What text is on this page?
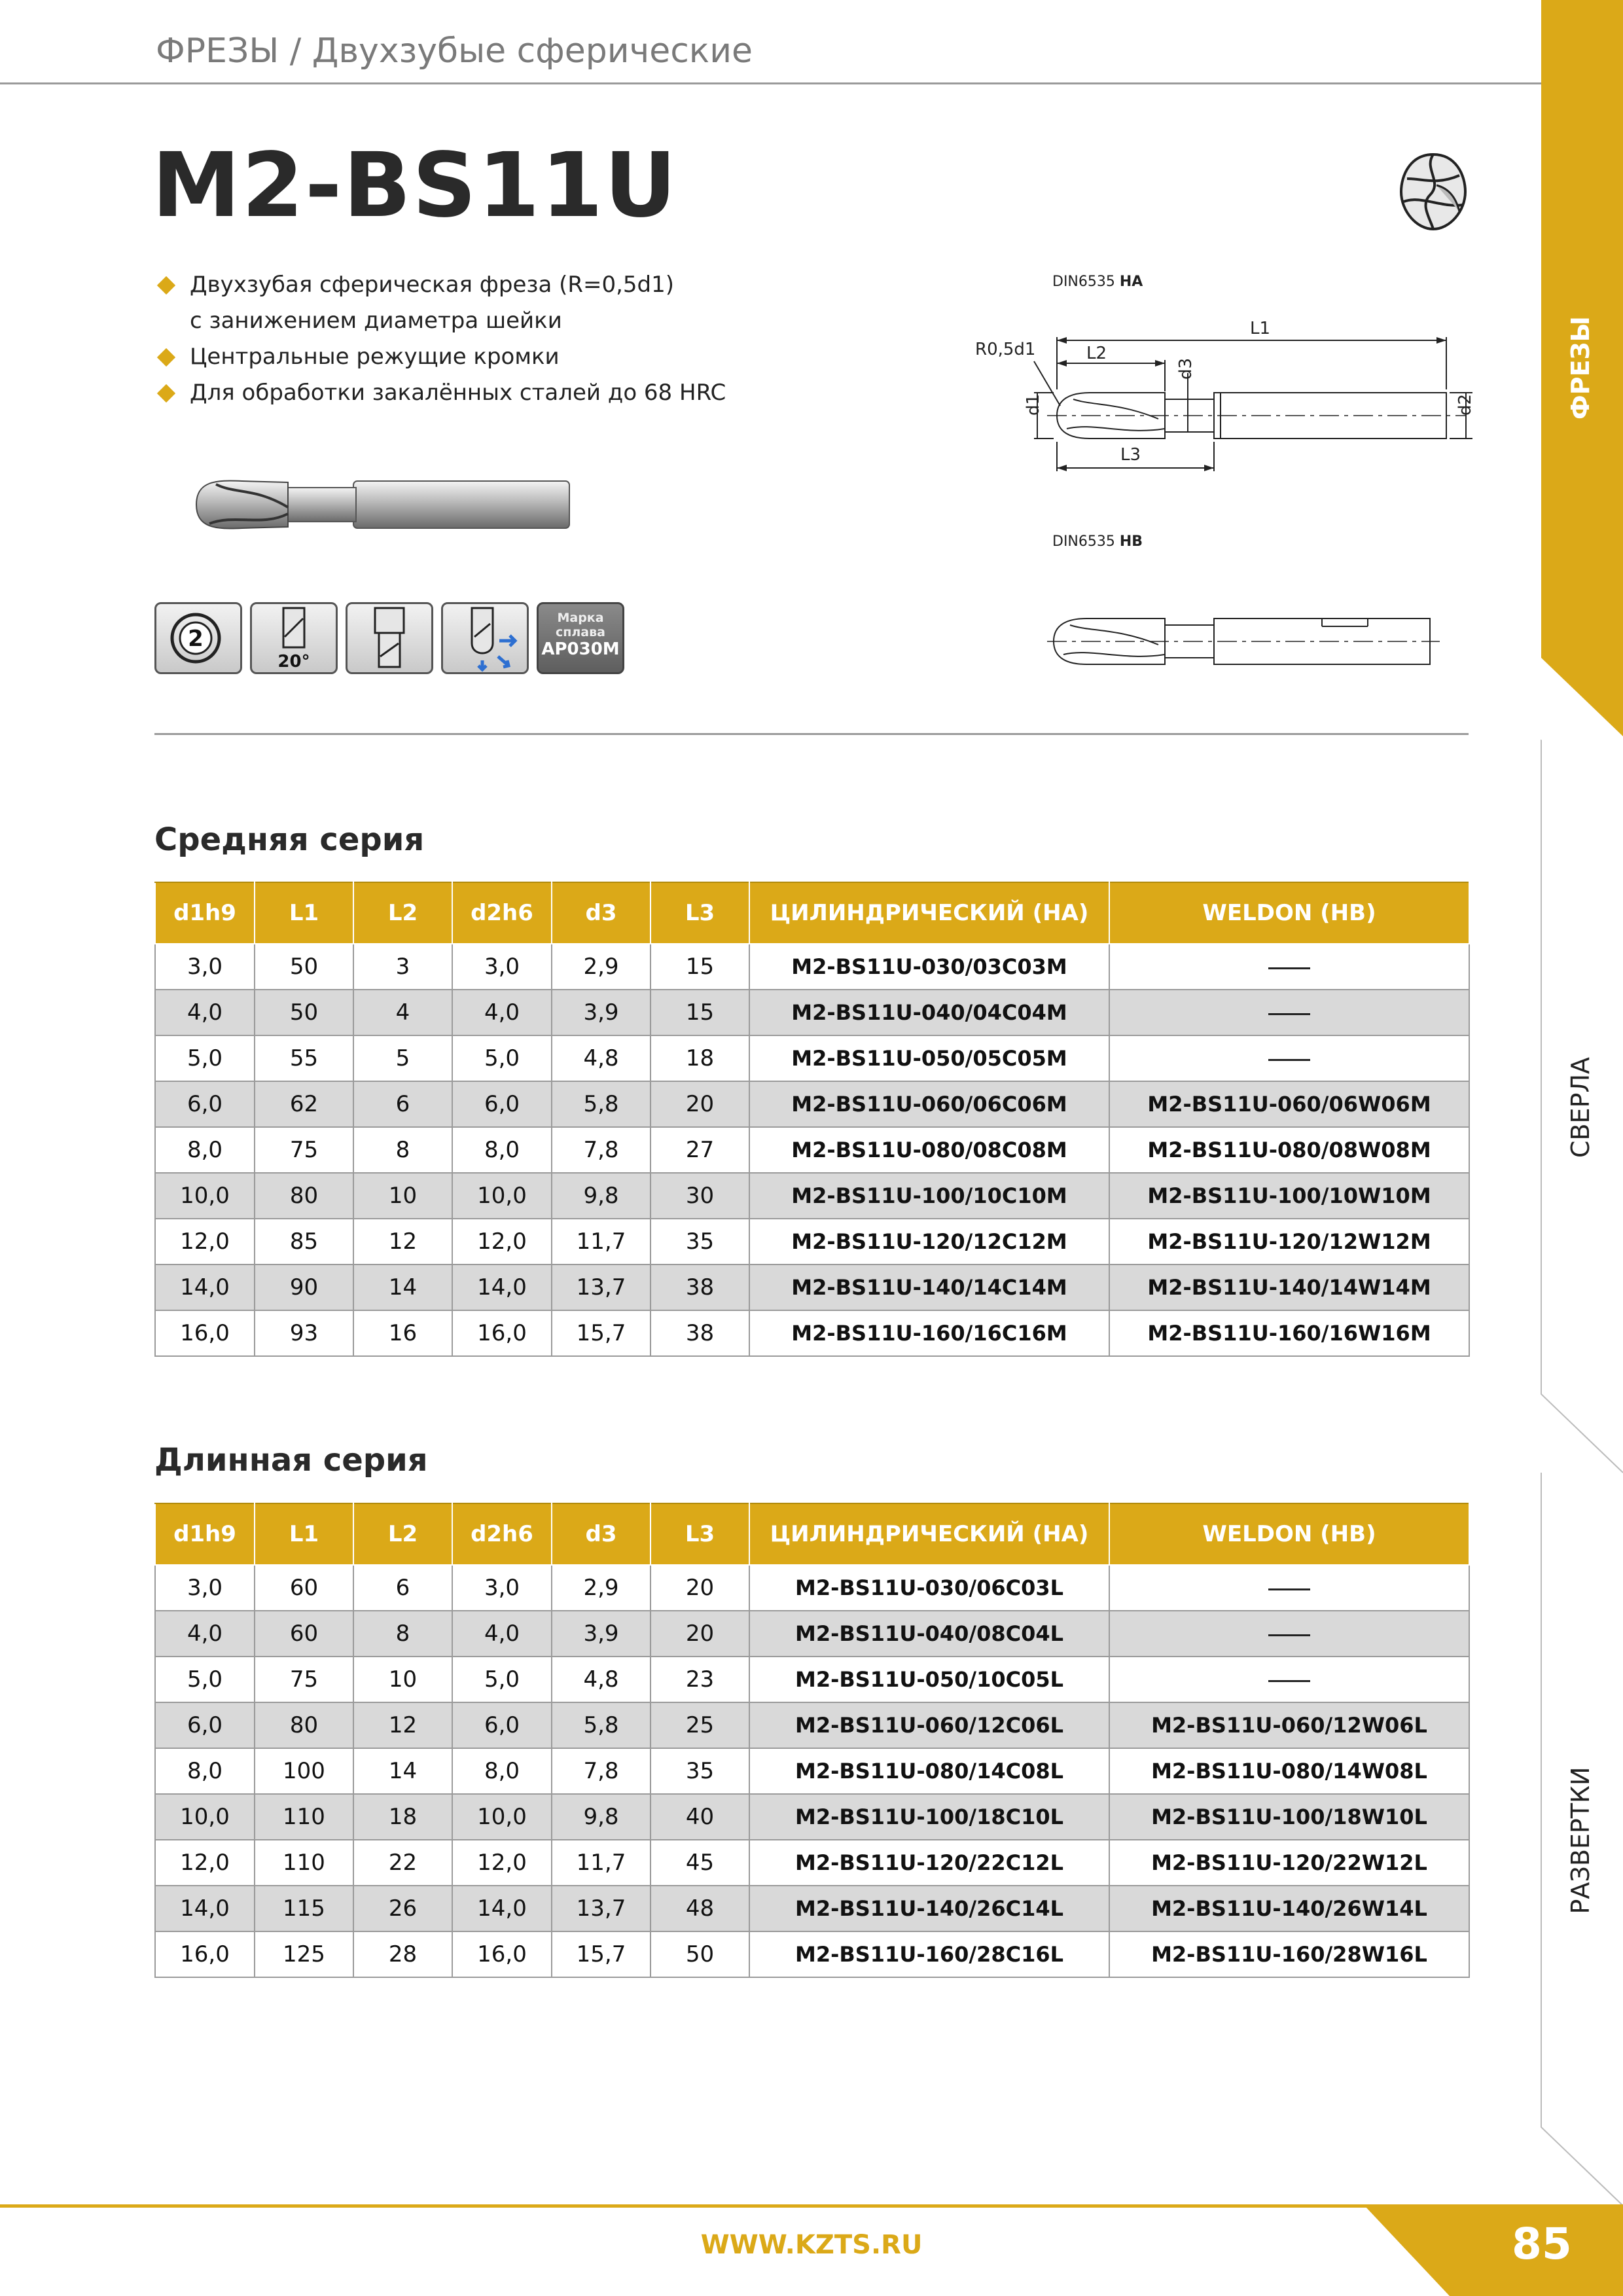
ФРЕЗЫ / Двухзубые сферические
M2-BS11U
Двухзубая сферическая фреза (R=0,5d1)
с занижением диаметра шейки
Центральные режущие кромки
Для обработки закалённых сталей до 68 HRC
2
20°
Марка сплава
AP030M
DIN6535 HA
L1
L2
L3
R0,5d1
d1
d3
d2
DIN6535 HB
Средняя серия
d1h9	L1	L2	d2h6	d3	L3	ЦИЛИНДРИЧЕСКИЙ (HA)	WELDON (HB)
3,0	50	3	3,0	2,9	15	M2-BS11U-030/03C03M	
4,0	50	4	4,0	3,9	15	M2-BS11U-040/04C04M	
5,0	55	5	5,0	4,8	18	M2-BS11U-050/05C05M	
6,0	62	6	6,0	5,8	20	M2-BS11U-060/06C06M	M2-BS11U-060/06W06M
8,0	75	8	8,0	7,8	27	M2-BS11U-080/08C08M	M2-BS11U-080/08W08M
10,0	80	10	10,0	9,8	30	M2-BS11U-100/10C10M	M2-BS11U-100/10W10M
12,0	85	12	12,0	11,7	35	M2-BS11U-120/12C12M	M2-BS11U-120/12W12M
14,0	90	14	14,0	13,7	38	M2-BS11U-140/14C14M	M2-BS11U-140/14W14M
16,0	93	16	16,0	15,7	38	M2-BS11U-160/16C16M	M2-BS11U-160/16W16M
Длинная серия
d1h9	L1	L2	d2h6	d3	L3	ЦИЛИНДРИЧЕСКИЙ (HA)	WELDON (HB)
3,0	60	6	3,0	2,9	20	M2-BS11U-030/06C03L	
4,0	60	8	4,0	3,9	20	M2-BS11U-040/08C04L	
5,0	75	10	5,0	4,8	23	M2-BS11U-050/10C05L	
6,0	80	12	6,0	5,8	25	M2-BS11U-060/12C06L	M2-BS11U-060/12W06L
8,0	100	14	8,0	7,8	35	M2-BS11U-080/14C08L	M2-BS11U-080/14W08L
10,0	110	18	10,0	9,8	40	M2-BS11U-100/18C10L	M2-BS11U-100/18W10L
12,0	110	22	12,0	11,7	45	M2-BS11U-120/22C12L	M2-BS11U-120/22W12L
14,0	115	26	14,0	13,7	48	M2-BS11U-140/26C14L	M2-BS11U-140/26W14L
16,0	125	28	16,0	15,7	50	M2-BS11U-160/28C16L	M2-BS11U-160/28W16L
ФРЕЗЫ
СВЕРЛА
РАЗВЕРТКИ
WWW.KZTS.RU	85
